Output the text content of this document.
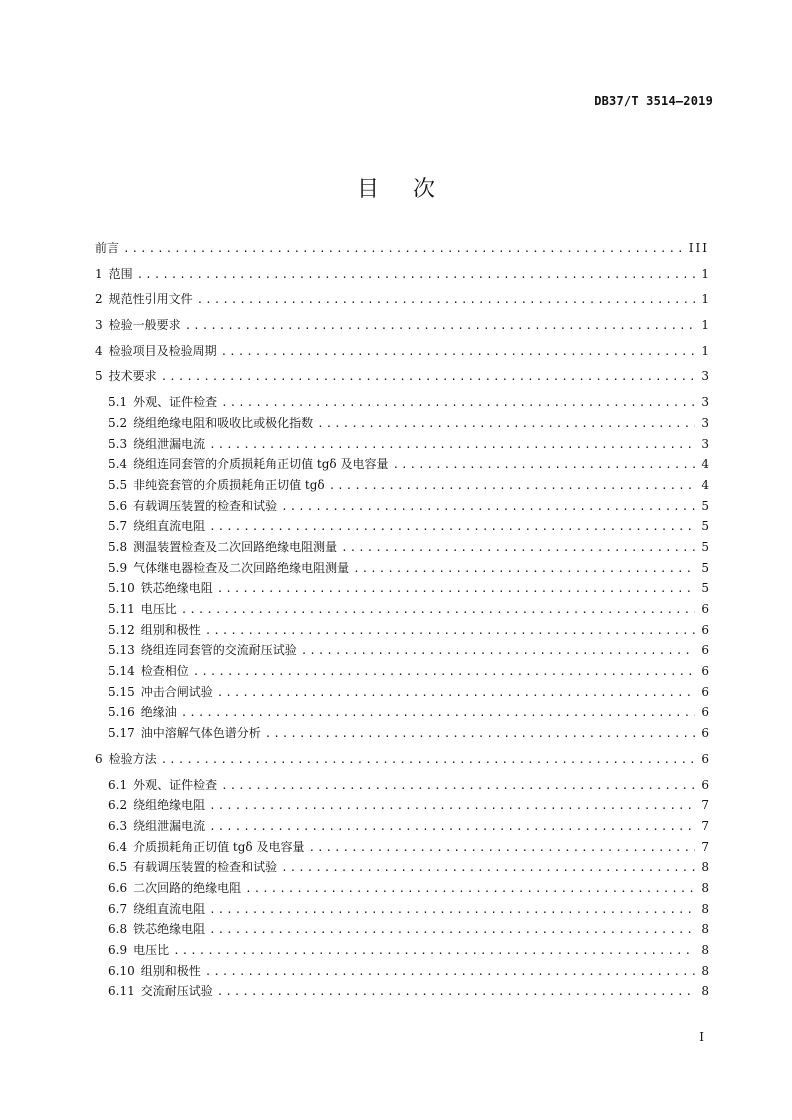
DB37/T 3514—2019
目 次
前言 .....	III
1 范围 .....	1
2 规范性引用文件 .....	1
3 检验一般要求 .....	1
4 检验项目及检验周期 .....	1
5 技术要求 .....	3
5.1 外观、证件检查 .....	3
5.2 绕组绝缘电阻和吸收比或极化指数 .....	3
5.3 绕组泄漏电流 .....	3
5.4 绕组连同套管的介质损耗角正切值 tgδ 及电容量 .....	4
5.5 非纯瓷套管的介质损耗角正切值 tgδ .....	4
5.6 有载调压装置的检查和试验 .....	5
5.7 绕组直流电阻 .....	5
5.8 测温装置检查及二次回路绝缘电阻测量 .....	5
5.9 气体继电器检查及二次回路绝缘电阻测量 .....	5
5.10 铁芯绝缘电阻 .....	5
5.11 电压比 .....	6
5.12 组别和极性 .....	6
5.13 绕组连同套管的交流耐压试验 .....	6
5.14 检查相位 .....	6
5.15 冲击合闸试验 .....	6
5.16 绝缘油 .....	6
5.17 油中溶解气体色谱分析 .....	6
6 检验方法 .....	6
6.1 外观、证件检查 .....	6
6.2 绕组绝缘电阻 .....	7
6.3 绕组泄漏电流 .....	7
6.4 介质损耗角正切值 tgδ 及电容量 .....	7
6.5 有载调压装置的检查和试验 .....	8
6.6 二次回路的绝缘电阻 .....	8
6.7 绕组直流电阻 .....	8
6.8 铁芯绝缘电阻 .....	8
6.9 电压比 .....	8
6.10 组别和极性 .....	8
6.11 交流耐压试验 .....	8
I
